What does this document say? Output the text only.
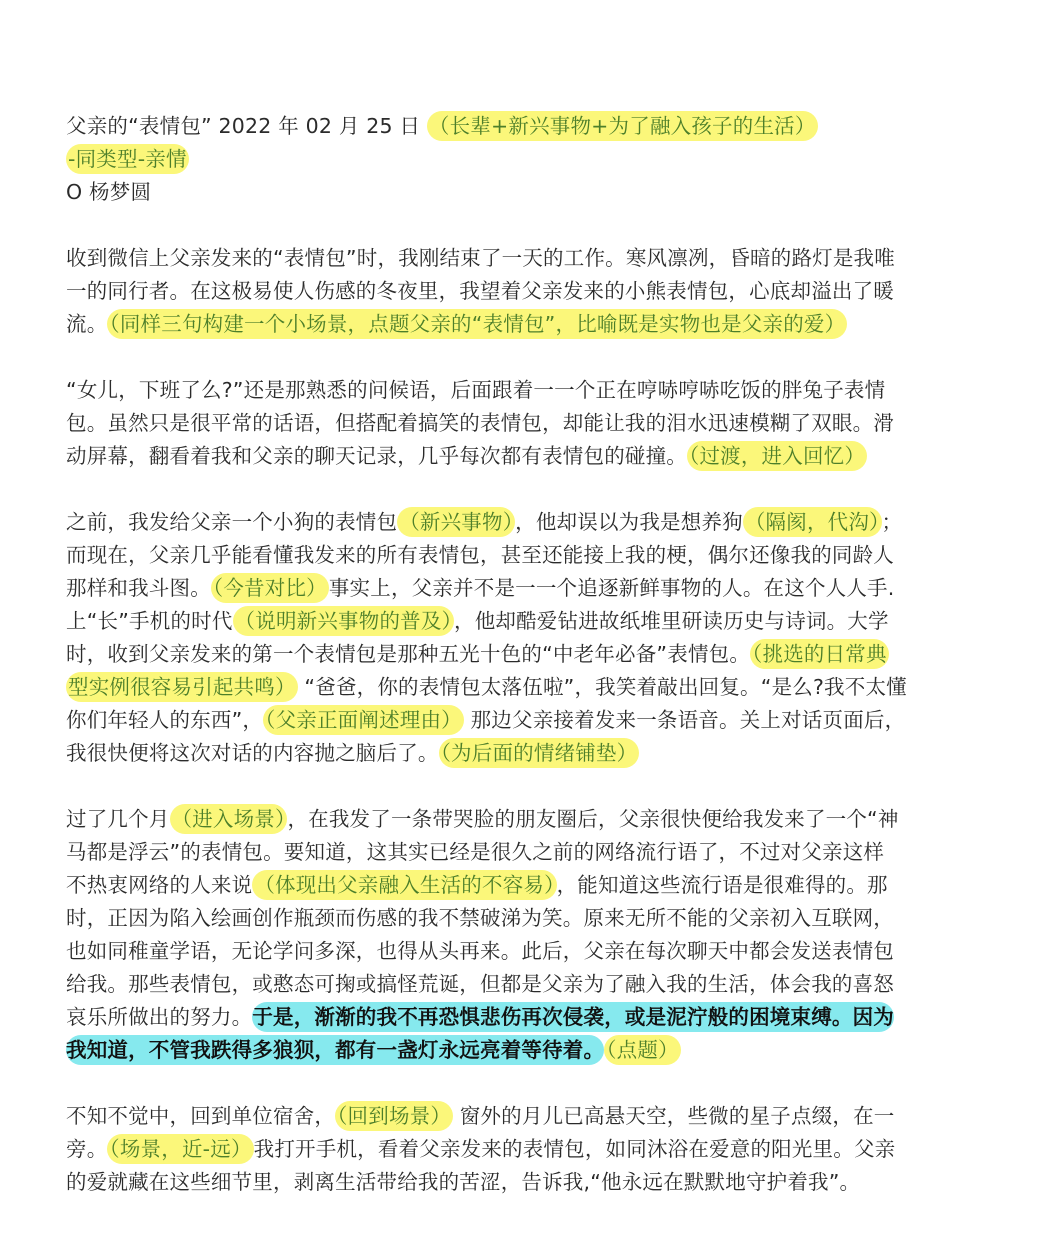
父亲的“表情包” 2022 年 02 月 25 日 （长辈+新兴事物+为了融入孩子的生活）
-同类型-亲情
O 杨梦圆
收到微信上父亲发来的“表情包”时，我刚结束了一天的工作。寒风凛冽，昏暗的路灯是我唯
一的同行者。在这极易使人伤感的冬夜里，我望着父亲发来的小熊表情包，心底却溢出了暖
流。（同样三句构建一个小场景，点题父亲的“表情包”，比喻既是实物也是父亲的爱）
“女儿，下班了么?”还是那熟悉的问候语，后面跟着一一个正在哼哧哼哧吃饭的胖兔子表情
包。虽然只是很平常的话语，但搭配着搞笑的表情包，却能让我的泪水迅速模糊了双眼。滑
动屏幕，翻看着我和父亲的聊天记录，几乎每次都有表情包的碰撞。（过渡，进入回忆）
之前，我发给父亲一个小狗的表情包（新兴事物），他却误以为我是想养狗（隔阂，代沟）；
而现在，父亲几乎能看懂我发来的所有表情包，甚至还能接上我的梗，偶尔还像我的同龄人
那样和我斗图。（今昔对比）事实上，父亲并不是一一个追逐新鲜事物的人。在这个人人手.
上“长”手机的时代（说明新兴事物的普及），他却酷爱钻进故纸堆里研读历史与诗词。大学
时，收到父亲发来的第一个表情包是那种五光十色的“中老年必备”表情包。（挑选的日常典
型实例很容易引起共鸣） “爸爸，你的表情包太落伍啦”，我笑着敲出回复。“是么?我不太懂
你们年轻人的东西”，（父亲正面阐述理由） 那边父亲接着发来一条语音。关上对话页面后，
我很快便将这次对话的内容抛之脑后了。（为后面的情绪铺垫）
过了几个月（进入场景），在我发了一条带哭脸的朋友圈后，父亲很快便给我发来了一个“神
马都是浮云”的表情包。要知道，这其实已经是很久之前的网络流行语了，不过对父亲这样
不热衷网络的人来说（体现出父亲融入生活的不容易），能知道这些流行语是很难得的。那
时，正因为陷入绘画创作瓶颈而伤感的我不禁破涕为笑。原来无所不能的父亲初入互联网，
也如同稚童学语，无论学问多深，也得从头再来。此后，父亲在每次聊天中都会发送表情包
给我。那些表情包，或憨态可掬或搞怪荒诞，但都是父亲为了融入我的生活，体会我的喜怒
哀乐所做出的努力。于是，渐渐的我不再恐惧悲伤再次侵袭，或是泥泞般的困境束缚。因为
我知道，不管我跌得多狼狈，都有一盏灯永远亮着等待着。（点题）
不知不觉中，回到单位宿舍，（回到场景） 窗外的月儿已高悬天空，些微的星子点缀，在一
旁。（场景，近-远）我打开手机，看着父亲发来的表情包，如同沐浴在爱意的阳光里。父亲
的爱就藏在这些细节里，剥离生活带给我的苦涩，告诉我,“他永远在默默地守护着我”。
